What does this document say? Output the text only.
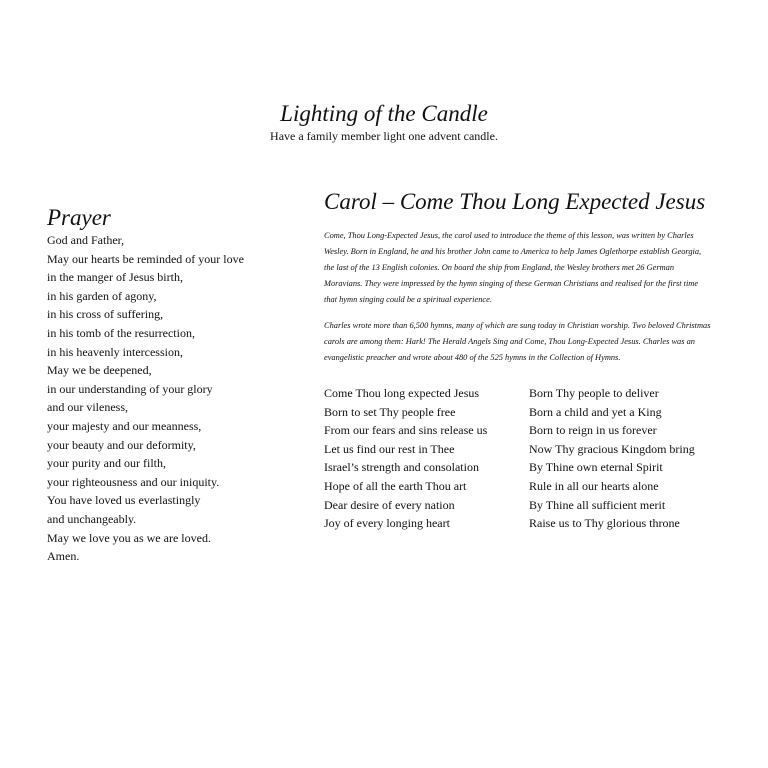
Lighting of the Candle
Have a family member light one advent candle.
Prayer
God and Father,
May our hearts be reminded of your love
in the manger of Jesus birth,
in his garden of agony,
in his cross of suffering,
in his tomb of the resurrection,
in his heavenly intercession,
May we be deepened,
in our understanding of your glory
and our vileness,
your majesty and our meanness,
your beauty and our deformity,
your purity and our filth,
your righteousness and our iniquity.
You have loved us everlastingly
and unchangeably.
May we love you as we are loved.
Amen.
Carol – Come Thou Long Expected Jesus
Come, Thou Long-Expected Jesus, the carol used to introduce the theme of this lesson, was written by Charles Wesley. Born in England, he and his brother John came to America to help James Oglethorpe establish Georgia, the last of the 13 English colonies. On board the ship from England, the Wesley brothers met 26 German Moravians. They were impressed by the hymn singing of these German Christians and realised for the first time that hymn singing could be a spiritual experience.
Charles wrote more than 6,500 hymns, many of which are sung today in Christian worship. Two beloved Christmas carols are among them: Hark! The Herald Angels Sing and Come, Thou Long-Expected Jesus. Charles was an evangelistic preacher and wrote about 480 of the 525 hymns in the Collection of Hymns.
Come Thou long expected Jesus
Born to set Thy people free
From our fears and sins release us
Let us find our rest in Thee
Israel’s strength and consolation
Hope of all the earth Thou art
Dear desire of every nation
Joy of every longing heart
Born Thy people to deliver
Born a child and yet a King
Born to reign in us forever
Now Thy gracious Kingdom bring
By Thine own eternal Spirit
Rule in all our hearts alone
By Thine all sufficient merit
Raise us to Thy glorious throne
